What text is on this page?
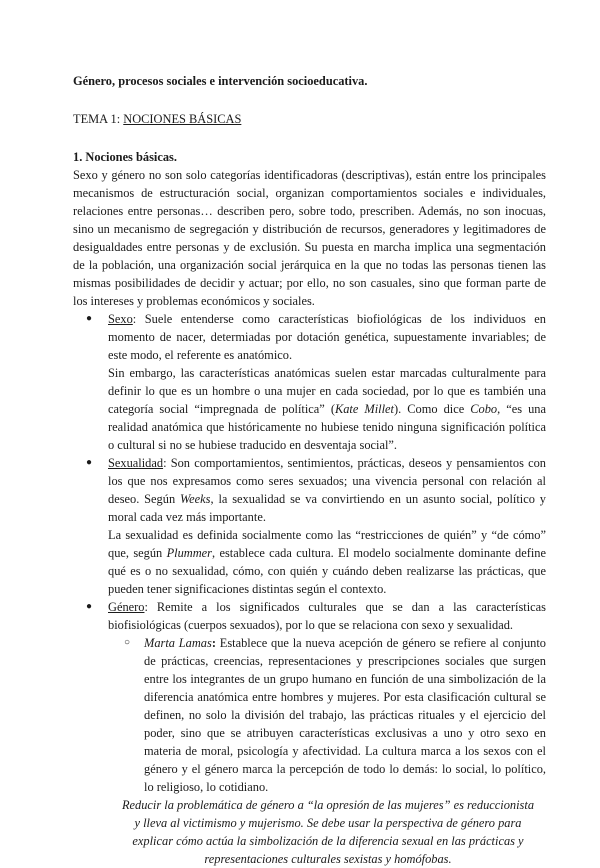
Género, procesos sociales e intervención socioeducativa.

TEMA 1: NOCIONES BÁSICAS

1. Nociones básicas.

Sexo y género no son solo categorías identificadoras (descriptivas), están entre los principales mecanismos de estructuración social, organizan comportamientos sociales e individuales, relaciones entre personas… describen pero, sobre todo, prescriben. Además, no son inocuas, sino un mecanismo de segregación y distribución de recursos, generadores y legitimadores de desigualdades entre personas y de exclusión. Su puesta en marcha implica una segmentación de la población, una organización social jerárquica en la que no todas las personas tienen las mismas posibilidades de decidir y actuar; por ello, no son casuales, sino que forman parte de los intereses y problemas económicos y sociales.

● Sexo: Suele entenderse como características biofiológicas de los individuos en momento de nacer, determiadas por dotación genética, supuestamente invariables; de este modo, el referente es anatómico.

Sin embargo, las características anatómicas suelen estar marcadas culturalmente para definir lo que es un hombre o una mujer en cada sociedad, por lo que es también una categoría social “impregnada de política” (Kate Millet). Como dice Cobo, “es una realidad anatómica que históricamente no hubiese tenido ninguna significación política o cultural si no se hubiese traducido en desventaja social”.

● Sexualidad: Son comportamientos, sentimientos, prácticas, deseos y pensamientos con los que nos expresamos como seres sexuados; una vivencia personal con relación al deseo. Según Weeks, la sexualidad se va convirtiendo en un asunto social, político y moral cada vez más importante.

La sexualidad es definida socialmente como las “restricciones de quién” y “de cómo” que, según Plummer, establece cada cultura. El modelo socialmente dominante define qué es o no sexualidad, cómo, con quién y cuándo deben realizarse las prácticas, que pueden tener significaciones distintas según el contexto.

● Género: Remite a los significados culturales que se dan a las características biofisiológicas (cuerpos sexuados), por lo que se relaciona con sexo y sexualidad.

○ Marta Lamas: Establece que la nueva acepción de género se refiere al conjunto de prácticas, creencias, representaciones y prescripciones sociales que surgen entre los integrantes de un grupo humano en función de una simbolización de la diferencia anatómica entre hombres y mujeres. Por esta clasificación cultural se definen, no solo la división del trabajo, las prácticas rituales y el ejercicio del poder, sino que se atribuyen características exclusivas a uno y otro sexo en materia de moral, psicología y afectividad. La cultura marca a los sexos con el género y el género marca la percepción de todo lo demás: lo social, lo político, lo religioso, lo cotidiano.

Reducir la problemática de género a “la opresión de las mujeres” es reduccionista y lleva al victimismo y mujerismo. Se debe usar la perspectiva de género para explicar cómo actúa la simbolización de la diferencia sexual en las prácticas y representaciones culturales sexistas y homófobas.
